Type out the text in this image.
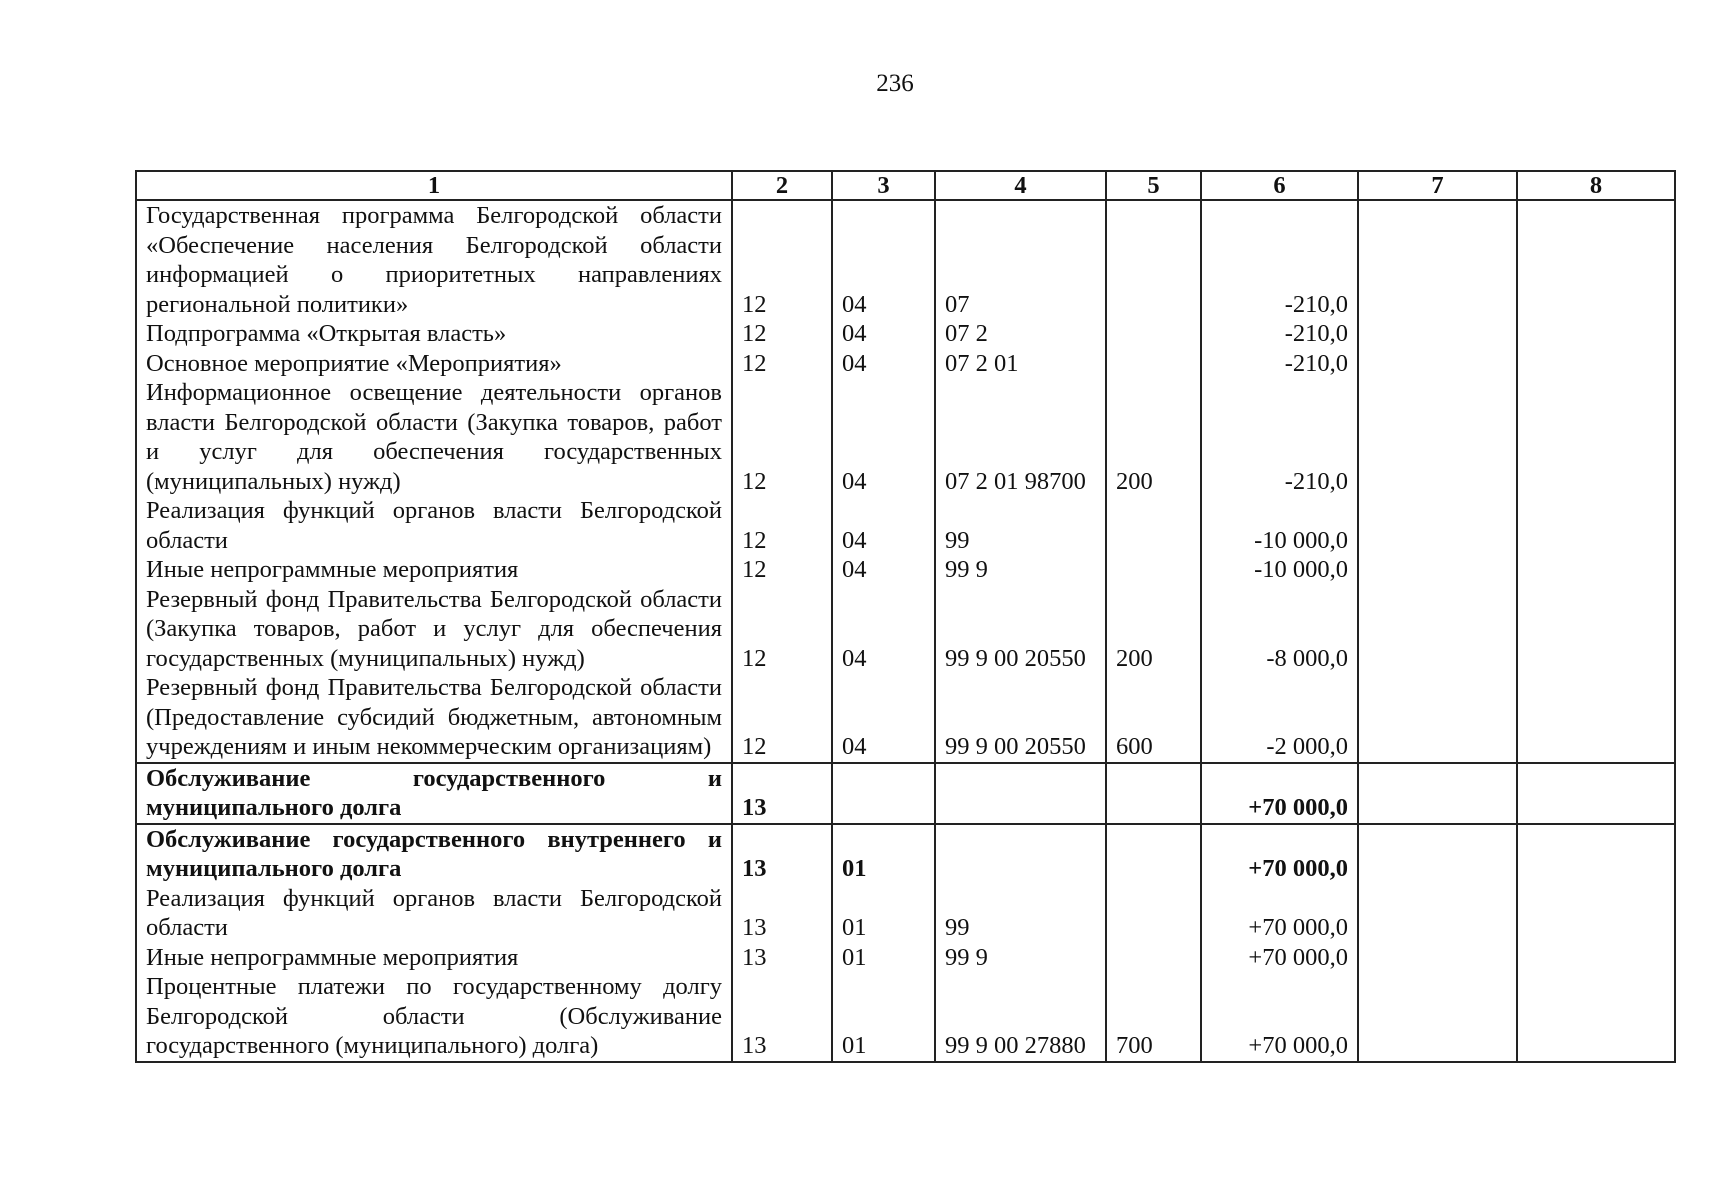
236
1	2	3	4	5	6	7	8
Государственная программа Белгородской области «Обеспечение населения Белгородской области информацией о приоритетных направлениях региональной политики»	12	04	07		-210,0		
Подпрограмма «Открытая власть»	12	04	07 2		-210,0		
Основное мероприятие «Мероприятия»	12	04	07 2 01		-210,0		
Информационное освещение деятельности органов власти Белгородской области (Закупка товаров, работ и услуг для обеспечения государственных (муниципальных) нужд)	12	04	07 2 01 98700	200	-210,0		
Реализация функций органов власти Белгородской области	12	04	99		-10 000,0		
Иные непрограммные мероприятия	12	04	99 9		-10 000,0		
Резервный фонд Правительства Белгородской области (Закупка товаров, работ и услуг для обеспечения государственных (муниципальных) нужд)	12	04	99 9 00 20550	200	-8 000,0		
Резервный фонд Правительства Белгородской области (Предоставление субсидий бюджетным, автономным учреждениям и иным некоммерческим организациям)	12	04	99 9 00 20550	600	-2 000,0		
Обслуживание государственного и муниципального долга	13				+70 000,0		
Обслуживание государственного внутреннего и муниципального долга	13	01			+70 000,0		
Реализация функций органов власти Белгородской области	13	01	99		+70 000,0		
Иные непрограммные мероприятия	13	01	99 9		+70 000,0		
Процентные платежи по государственному долгу Белгородской области (Обслуживание государственного (муниципального) долга)	13	01	99 9 00 27880	700	+70 000,0		
